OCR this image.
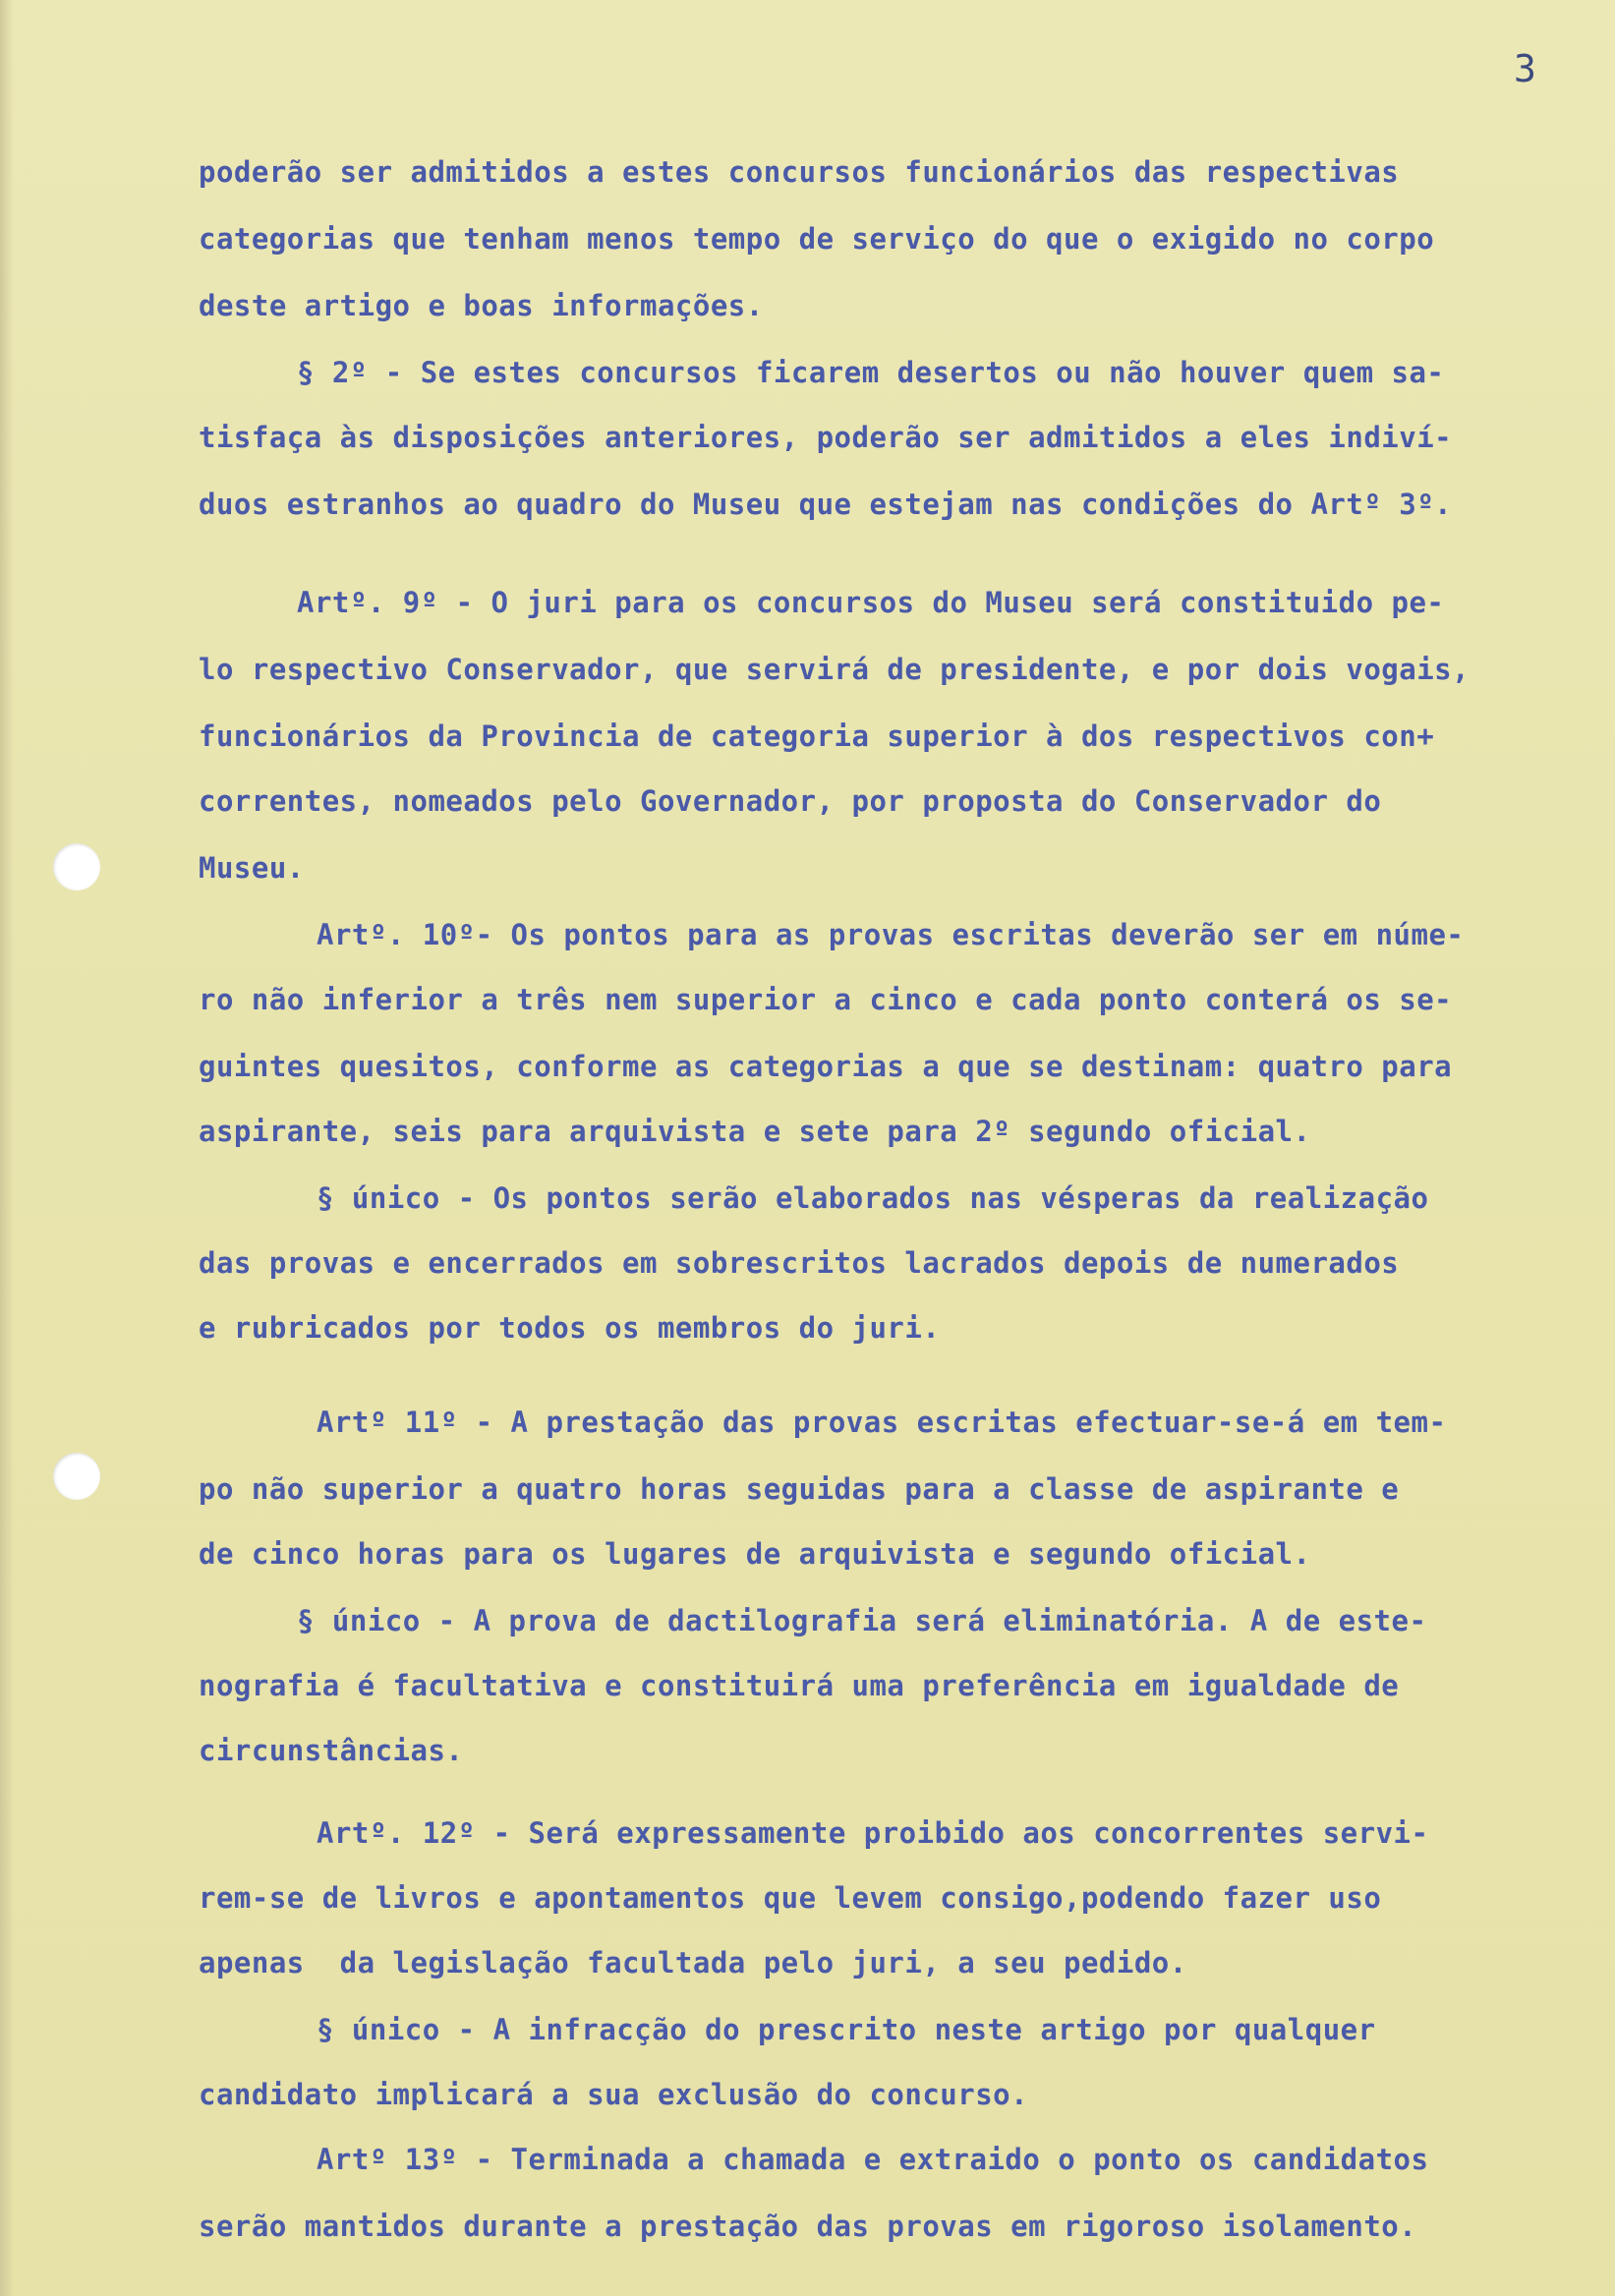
3
poderão ser admitidos a estes concursos funcionários das respectivas
categorias que tenham menos tempo de serviço do que o exigido no corpo
deste artigo e boas informações.
§ 2º - Se estes concursos ficarem desertos ou não houver quem sa-
tisfaça às disposições anteriores, poderão ser admitidos a eles indiví-
duos estranhos ao quadro do Museu que estejam nas condições do Artº 3º.
Artº. 9º - O juri para os concursos do Museu será constituido pe-
lo respectivo Conservador, que servirá de presidente, e por dois vogais,
funcionários da Provincia de categoria superior à dos respectivos con+
correntes, nomeados pelo Governador, por proposta do Conservador do
Museu.
Artº. 10º- Os pontos para as provas escritas deverão ser em núme-
ro não inferior a três nem superior a cinco e cada ponto conterá os se-
guintes quesitos, conforme as categorias a que se destinam: quatro para
aspirante, seis para arquivista e sete para 2º segundo oficial.
§ único - Os pontos serão elaborados nas vésperas da realização
das provas e encerrados em sobrescritos lacrados depois de numerados
e rubricados por todos os membros do juri.
Artº 11º - A prestação das provas escritas efectuar-se-á em tem-
po não superior a quatro horas seguidas para a classe de aspirante e
de cinco horas para os lugares de arquivista e segundo oficial.
§ único - A prova de dactilografia será eliminatória. A de este-
nografia é facultativa e constituirá uma preferência em igualdade de
circunstâncias.
Artº. 12º - Será expressamente proibido aos concorrentes servi-
rem-se de livros e apontamentos que levem consigo,podendo fazer uso
apenas  da legislação facultada pelo juri, a seu pedido.
§ único - A infracção do prescrito neste artigo por qualquer
candidato implicará a sua exclusão do concurso.
Artº 13º - Terminada a chamada e extraido o ponto os candidatos
serão mantidos durante a prestação das provas em rigoroso isolamento.
